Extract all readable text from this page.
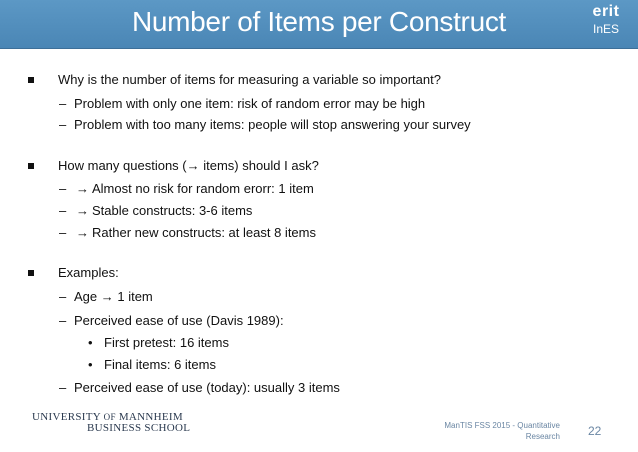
Number of Items per Construct	erit
InES
Why is the number of items for measuring a variable so important?
– Problem with only one item: risk of random error may be high
– Problem with too many items: people will stop answering your survey
How many questions (→ items) should I ask?
– → Almost no risk for random erorr: 1 item
– → Stable constructs: 3-6 items
– → Rather new constructs: at least 8 items
Examples:
– Age → 1 item
– Perceived ease of use (Davis 1989):
• First pretest: 16 items
• Final items: 6 items
– Perceived ease of use (today): usually 3 items
UNIVERSITY OF MANNHEIM
BUSINESS SCHOOL	ManTIS FSS 2015 - Quantitative
Research 22
